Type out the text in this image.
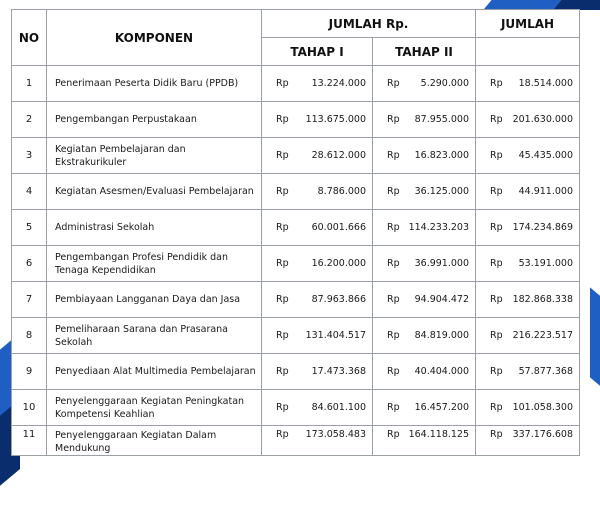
NO	KOMPONEN	JUMLAH Rp.		JUMLAH
		TAHAP I	TAHAP II	
1	Penerimaan Peserta Didik Baru (PPDB)	Rp 13.224.000	Rp 5.290.000	Rp 18.514.000

2	Pengembangan Perpustakaan	Rp 113.675.000	Rp 87.955.000	Rp 201.630.000

3	Kegiatan Pembelajaran dan Ekstrakurikuler	Rp 28.612.000	Rp 16.823.000	Rp 45.435.000

4	Kegiatan Asesmen/Evaluasi Pembelajaran	Rp 8.786.000	Rp 36.125.000	Rp 44.911.000

5	Administrasi Sekolah	Rp 60.001.666	Rp 114.233.203	Rp 174.234.869

6	Pengembangan Profesi Pendidik dan Tenaga Kependidikan	Rp 16.200.000	Rp 36.991.000	Rp 53.191.000

7	Pembiayaan Langganan Daya dan Jasa	Rp 87.963.866	Rp 94.904.472	Rp 182.868.338

8	Pemeliharaan Sarana dan Prasarana Sekolah	Rp 131.404.517	Rp 84.819.000	Rp 216.223.517

9	Penyediaan Alat Multimedia Pembelajaran	Rp 17.473.368	Rp 40.404.000	Rp 57.877.368

10	Penyelenggaraan Kegiatan Peningkatan Kompetensi Keahlian	Rp 84.601.100	Rp 16.457.200	Rp 101.058.300

11	Penyelenggaraan Kegiatan Dalam Mendukung	Rp 173.058.483	Rp 164.118.125	Rp 337.176.608
